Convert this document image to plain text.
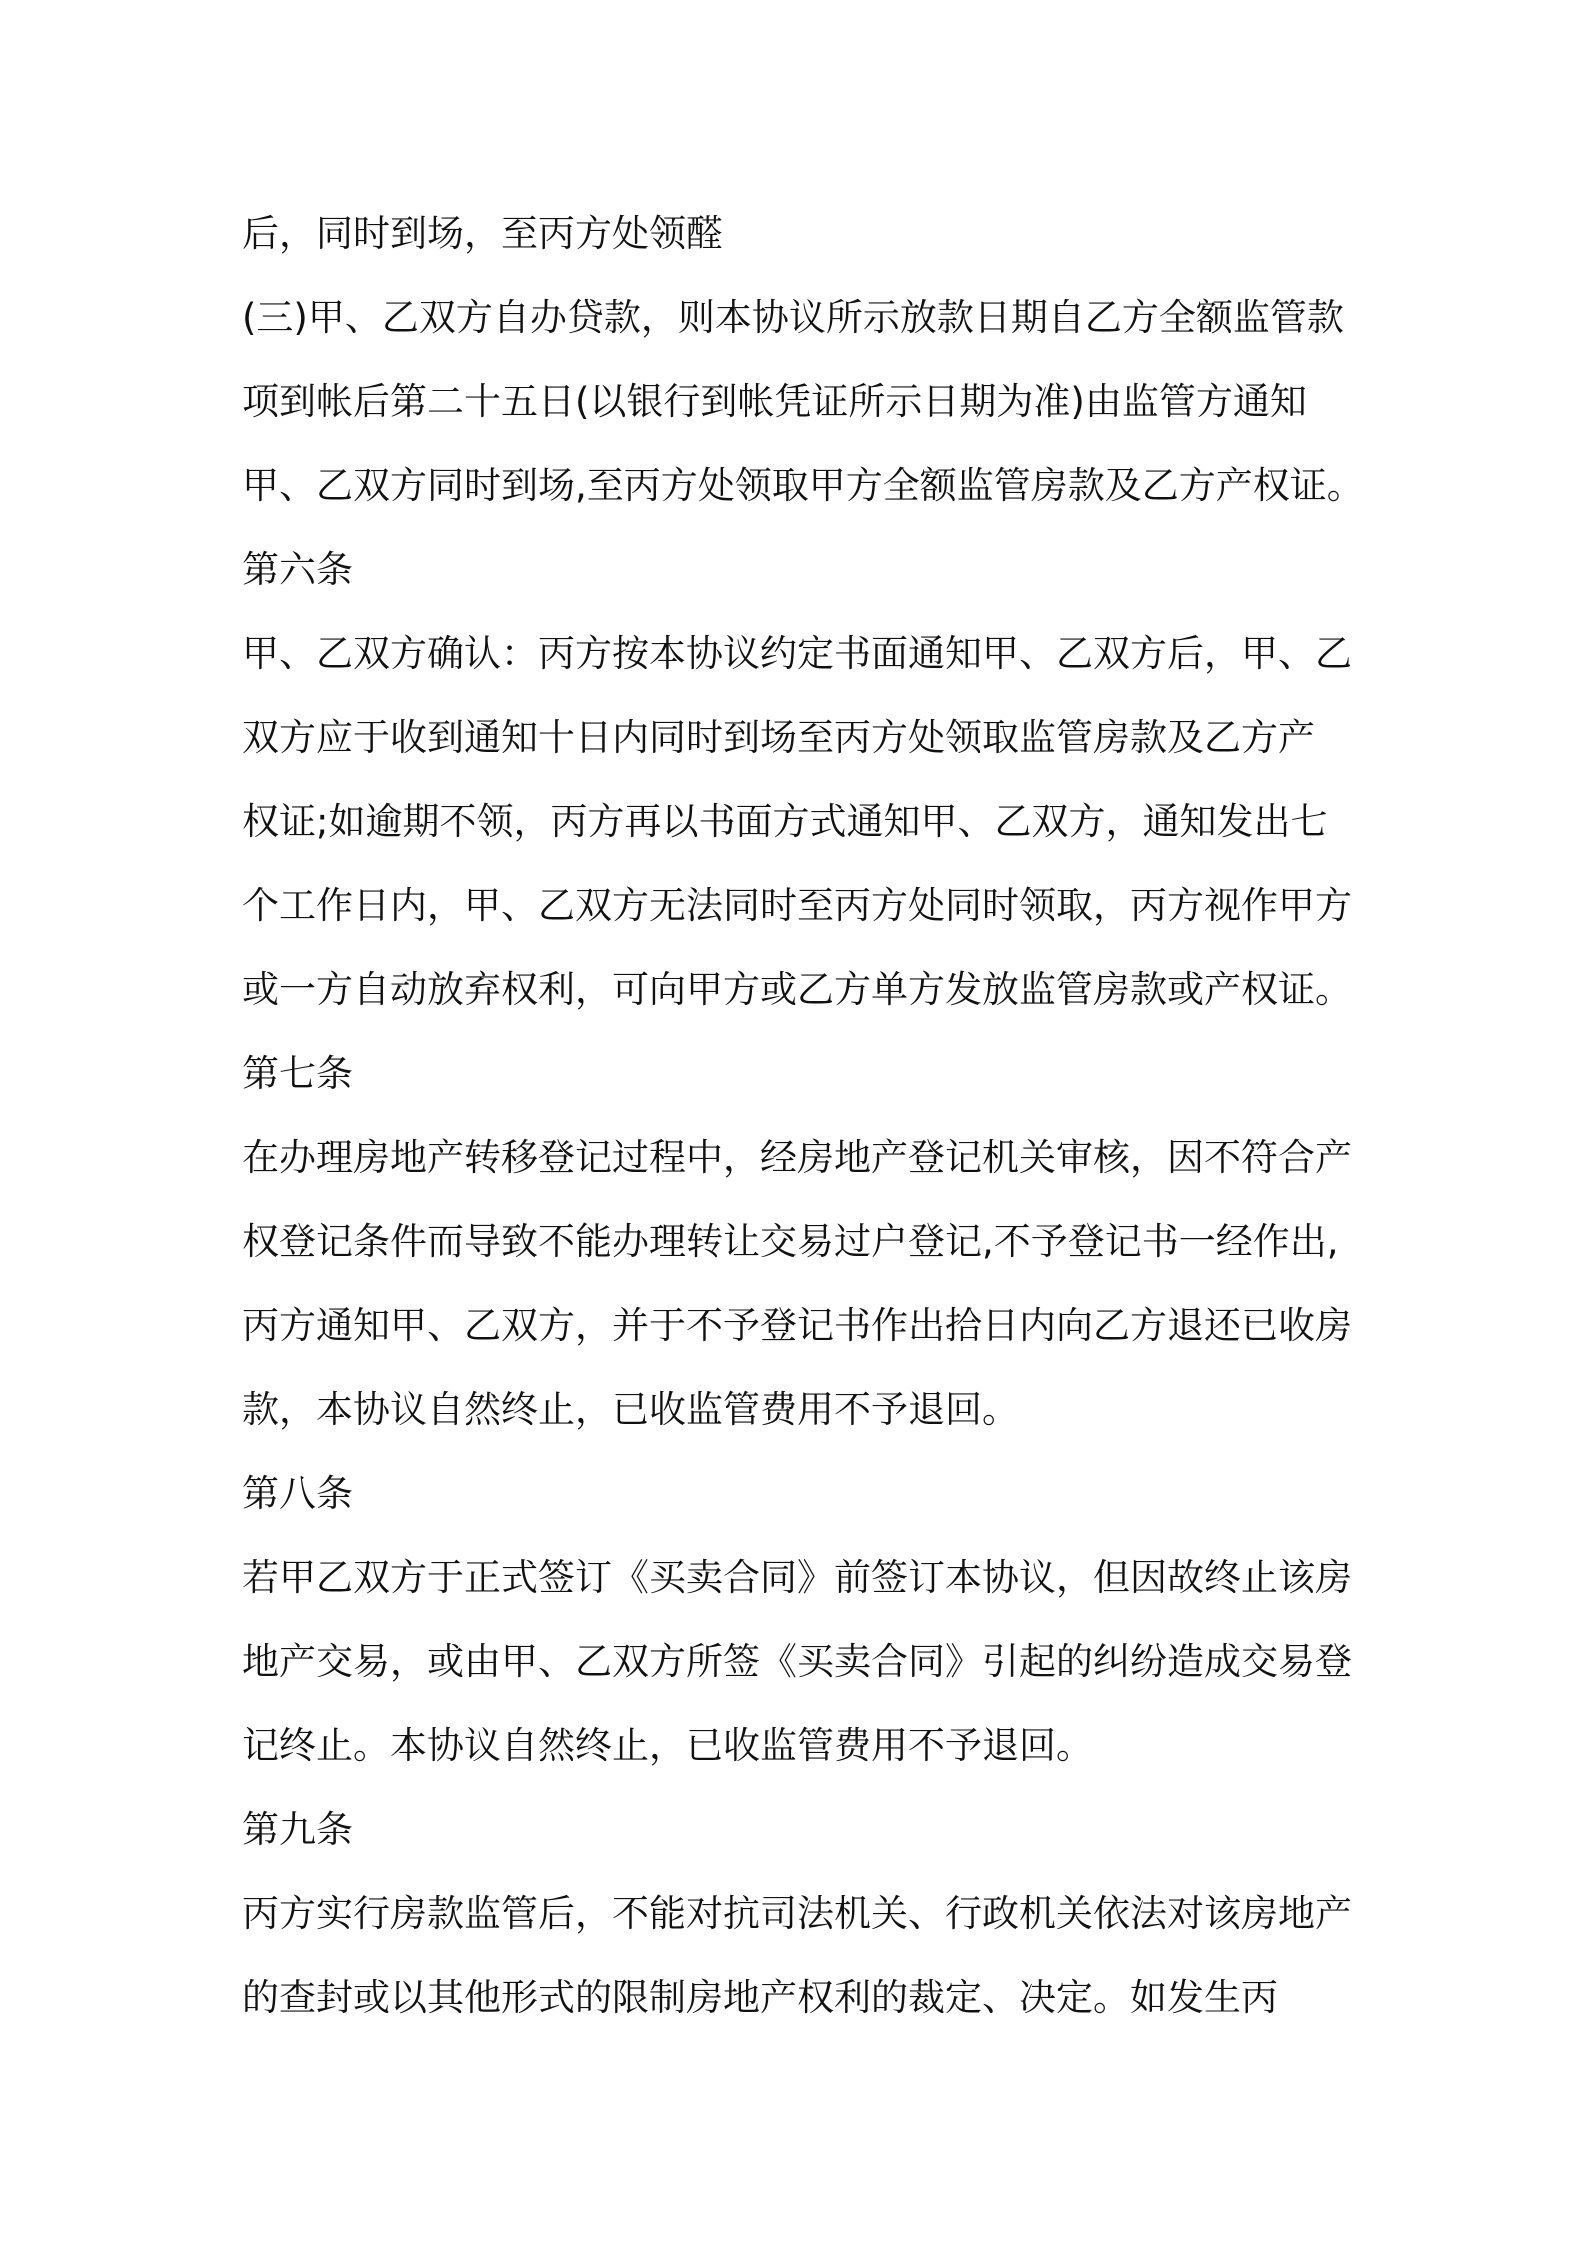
后，同时到场，至丙方处领醛
(三)甲、乙双方自办贷款，则本协议所示放款日期自乙方全额监管款
项到帐后第二十五日(以银行到帐凭证所示日期为准)由监管方通知
甲、乙双方同时到场,至丙方处领取甲方全额监管房款及乙方产权证。
第六条
甲、乙双方确认：丙方按本协议约定书面通知甲、乙双方后，甲、乙
双方应于收到通知十日内同时到场至丙方处领取监管房款及乙方产
权证;如逾期不领，丙方再以书面方式通知甲、乙双方，通知发出七
个工作日内，甲、乙双方无法同时至丙方处同时领取，丙方视作甲方
或一方自动放弃权利，可向甲方或乙方单方发放监管房款或产权证。
第七条
在办理房地产转移登记过程中，经房地产登记机关审核，因不符合产
权登记条件而导致不能办理转让交易过户登记,不予登记书一经作出,
丙方通知甲、乙双方，并于不予登记书作出拾日内向乙方退还已收房
款，本协议自然终止，已收监管费用不予退回。
第八条
若甲乙双方于正式签订《买卖合同》前签订本协议，但因故终止该房
地产交易，或由甲、乙双方所签《买卖合同》引起的纠纷造成交易登
记终止。本协议自然终止，已收监管费用不予退回。
第九条
丙方实行房款监管后，不能对抗司法机关、行政机关依法对该房地产
的查封或以其他形式的限制房地产权利的裁定、决定。如发生丙
